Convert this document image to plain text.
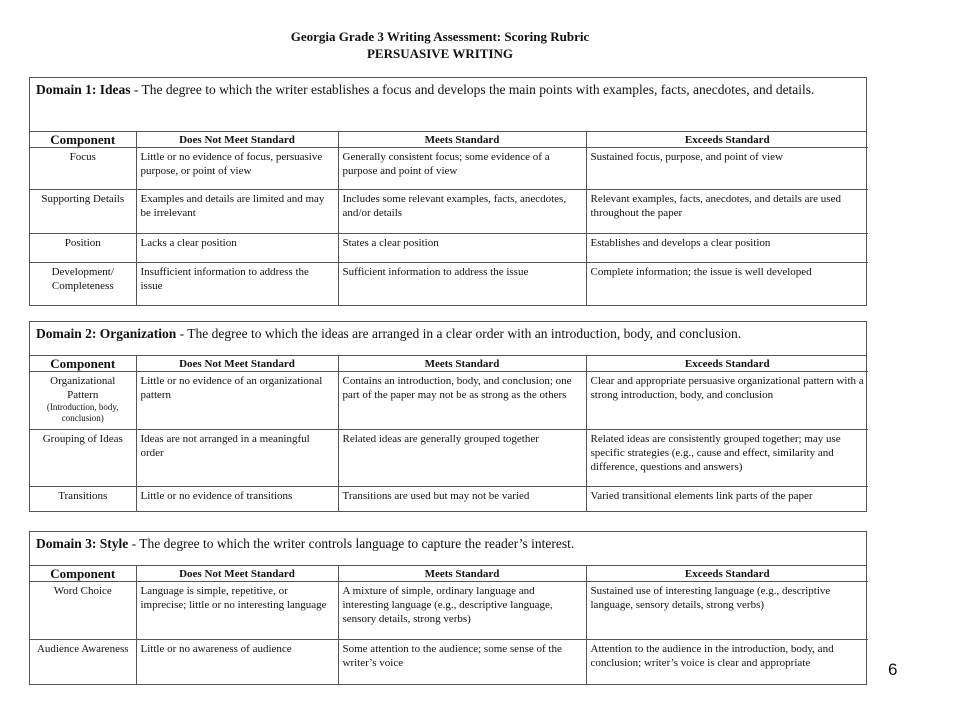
Georgia Grade 3 Writing Assessment: Scoring Rubric
PERSUASIVE WRITING
Domain 1: Ideas - The degree to which the writer establishes a focus and develops the main points with examples, facts, anecdotes, and details.
Component	Does Not Meet Standard	Meets Standard	Exceeds Standard
Focus	Little or no evidence of focus, persuasive purpose, or point of view	Generally consistent focus; some evidence of a purpose and point of view	Sustained focus, purpose, and point of view
Supporting Details	Examples and details are limited and may be irrelevant	Includes some relevant examples, facts, anecdotes, and/or details	Relevant examples, facts, anecdotes, and details are used throughout the paper
Position	Lacks a clear position	States a clear position	Establishes and develops a clear position
Development/ Completeness	Insufficient information to address the issue	Sufficient information to address the issue	Complete information; the issue is well developed
Domain 2: Organization - The degree to which the ideas are arranged in a clear order with an introduction, body, and conclusion.
Component	Does Not Meet Standard	Meets Standard	Exceeds Standard
Organizational Pattern
(Introduction, body, conclusion)	Little or no evidence of an organizational pattern	Contains an introduction, body, and conclusion; one part of the paper may not be as strong as the others	Clear and appropriate persuasive organizational pattern with a strong introduction, body, and conclusion
Grouping of Ideas	Ideas are not arranged in a meaningful order	Related ideas are generally grouped together	Related ideas are consistently grouped together; may use specific strategies (e.g., cause and effect, similarity and difference, questions and answers)
Transitions	Little or no evidence of transitions	Transitions are used but may not be varied	Varied transitional elements link parts of the paper
Domain 3: Style - The degree to which the writer controls language to capture the reader’s interest.
Component	Does Not Meet Standard	Meets Standard	Exceeds Standard
Word Choice	Language is simple, repetitive, or imprecise; little or no interesting language	A mixture of simple, ordinary language and interesting language (e.g., descriptive language, sensory details, strong verbs)	Sustained use of interesting language (e.g., descriptive language, sensory details, strong verbs)
Audience Awareness	Little or no awareness of audience	Some attention to the audience; some sense of the writer’s voice	Attention to the audience in the introduction, body, and conclusion; writer’s voice is clear and appropriate	6
